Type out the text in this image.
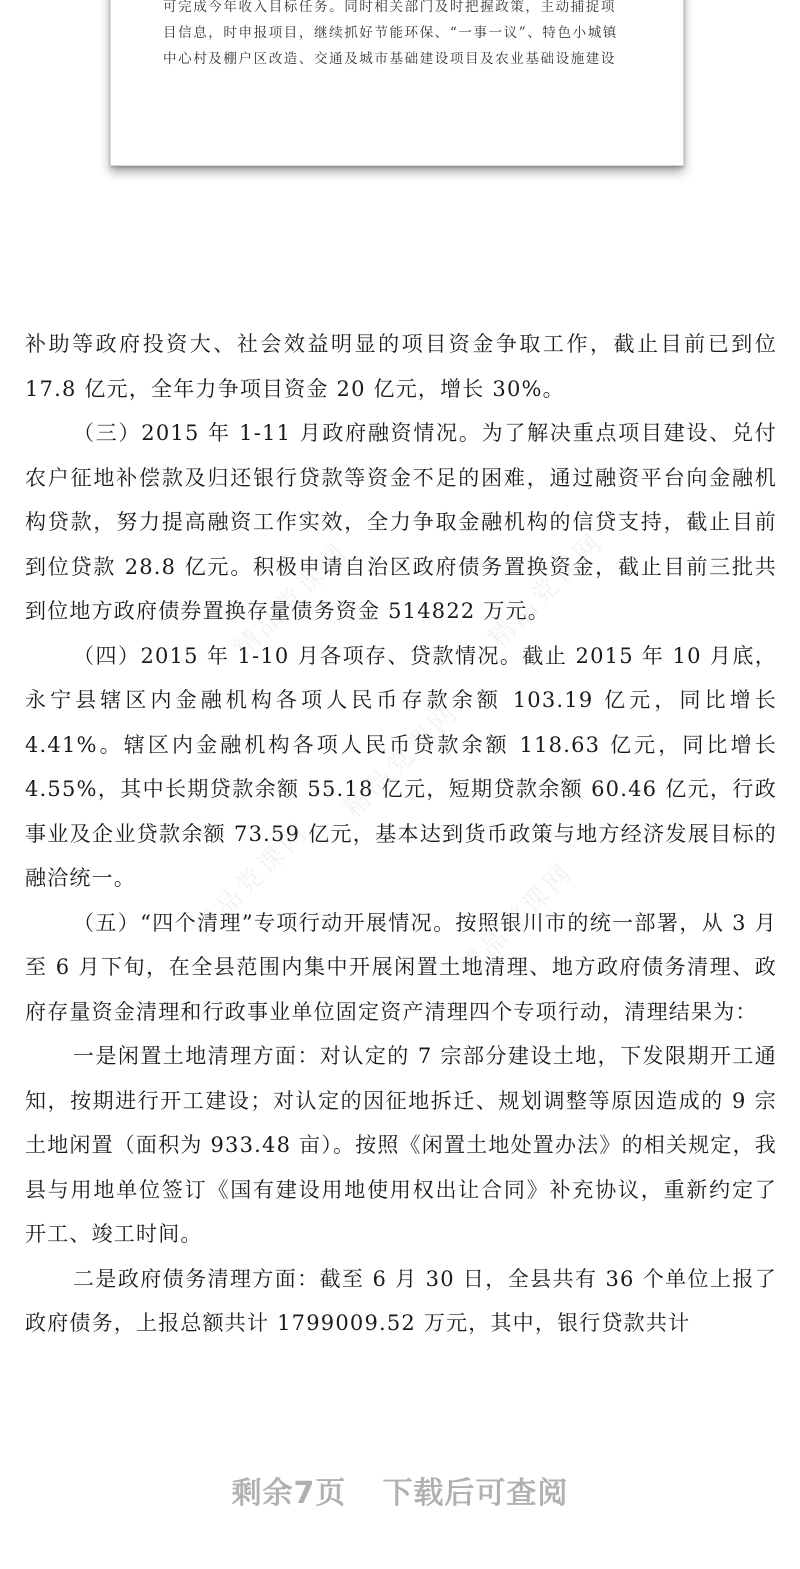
可完成今年收入目标任务。同时相关部门及时把握政策，主动捕捉项
目信息，时申报项目，继续抓好节能环保、“一事一议”、特色小城镇
中心村及棚户区改造、交通及城市基础建设项目及农业基础设施建设

补助等政府投资大、社会效益明显的项目资金争取工作，截止目前已到位 17.8 亿元，全年力争项目资金 20 亿元，增长 30%。

（三）2015 年 1-11 月政府融资情况。为了解决重点项目建设、兑付农户征地补偿款及归还银行贷款等资金不足的困难，通过融资平台向金融机构贷款，努力提高融资工作实效，全力争取金融机构的信贷支持，截止目前到位贷款 28.8 亿元。积极申请自治区政府债务置换资金，截止目前三批共到位地方政府债券置换存量债务资金 514822 万元。

（四）2015 年 1-10 月各项存、贷款情况。截止 2015 年 10 月底，永宁县辖区内金融机构各项人民币存款余额 103.19 亿元，同比增长 4.41%。辖区内金融机构各项人民币贷款余额 118.63 亿元，同比增长 4.55%，其中长期贷款余额 55.18 亿元，短期贷款余额 60.46 亿元，行政事业及企业贷款余额 73.59 亿元，基本达到货币政策与地方经济发展目标的融洽统一。

（五）“四个清理”专项行动开展情况。按照银川市的统一部署，从 3 月至 6 月下旬，在全县范围内集中开展闲置土地清理、地方政府债务清理、政府存量资金清理和行政事业单位固定资产清理四个专项行动，清理结果为：

一是闲置土地清理方面：对认定的 7 宗部分建设土地，下发限期开工通知，按期进行开工建设；对认定的因征地拆迁、规划调整等原因造成的 9 宗土地闲置（面积为 933.48 亩）。按照《闲置土地处置办法》的相关规定，我县与用地单位签订《国有建设用地使用权出让合同》补充协议，重新约定了开工、竣工时间。

二是政府债务清理方面：截至 6 月 30 日，全县共有 36 个单位上报了政府债务，上报总额共计 1799009.52 万元，其中，银行贷款共计

精品党课网	精品党课网
精品党课网
精品党课网	精品党课网
剩余7页 下载后可查阅
